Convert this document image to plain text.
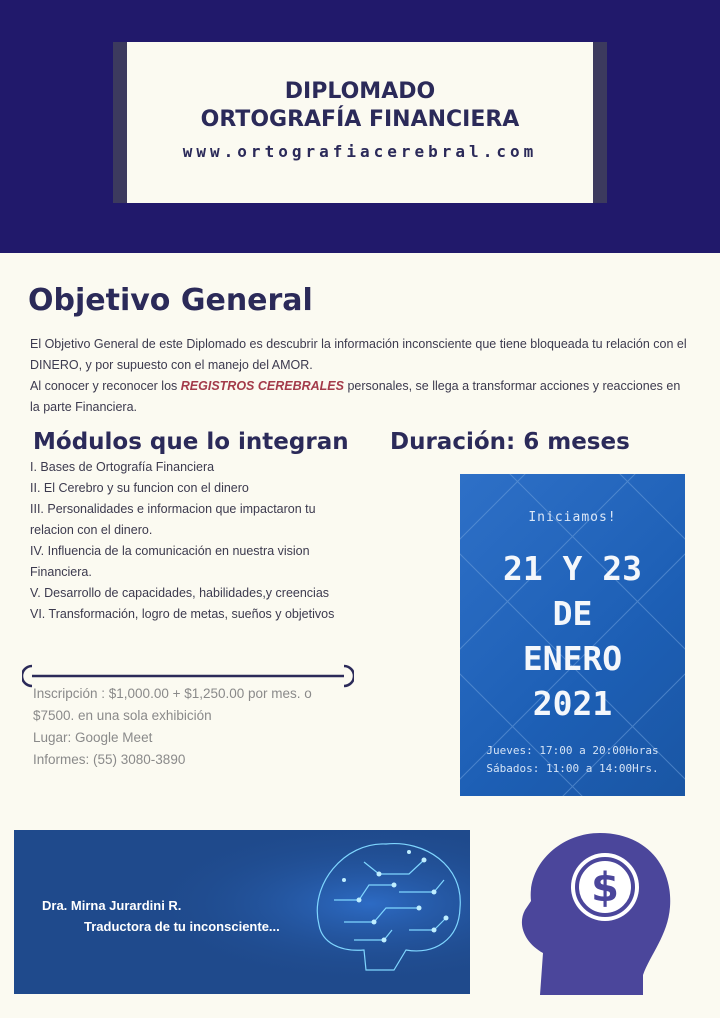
DIPLOMADO
ORTOGRAFÍA FINANCIERA
www.ortografiacerebral.com
Objetivo General

El Objetivo General de este Diplomado es descubrir la información inconsciente que tiene bloqueada tu relación con el DINERO, y por supuesto con el manejo del AMOR.

Al conocer y reconocer los REGISTROS CEREBRALES personales, se llega a transformar acciones y reacciones en la parte Financiera.

Módulos que lo integran Duración: 6 meses
I. Bases de Ortografía Financiera
II. El Cerebro y su funcion con el dinero
III. Personalidades e informacion que impactaron tu relacion con el dinero.
IV. Influencia de la comunicación en nuestra vision Financiera.
V. Desarrollo de capacidades, habilidades,y creencias
VI. Transformación, logro de metas, sueños y objetivos
Inscripción : $1,000.00 + $1,250.00 por mes. o
$7500. en una sola exhibición
Lugar: Google Meet
Informes: (55) 3080-3890
Iniciamos!
21 Y 23
DE
ENERO
2021
Jueves: 17:00 a 20:00Horas
Sábados: 11:00 a 14:00Hrs.
Dra. Mirna Jurardini R.
Traductora de tu inconsciente...
$
